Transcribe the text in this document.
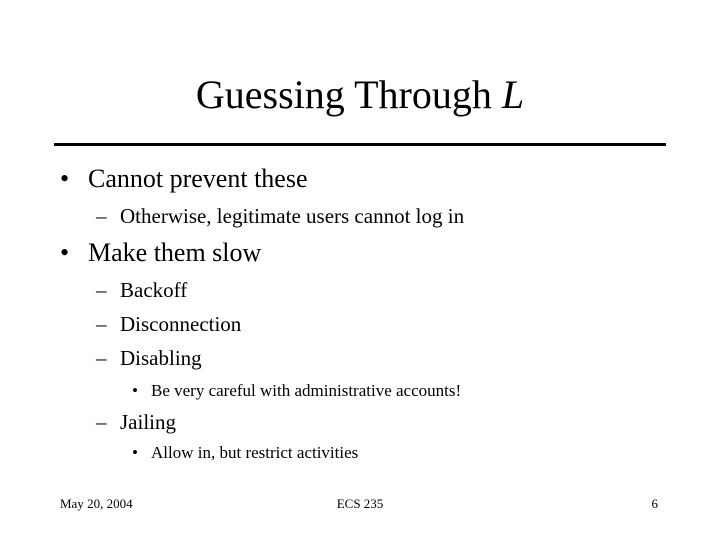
Guessing Through L
• Cannot prevent these
– Otherwise, legitimate users cannot log in
• Make them slow
– Backoff
– Disconnection
– Disabling
• Be very careful with administrative accounts!
– Jailing
• Allow in, but restrict activities
May 20, 2004	ECS 235	6
